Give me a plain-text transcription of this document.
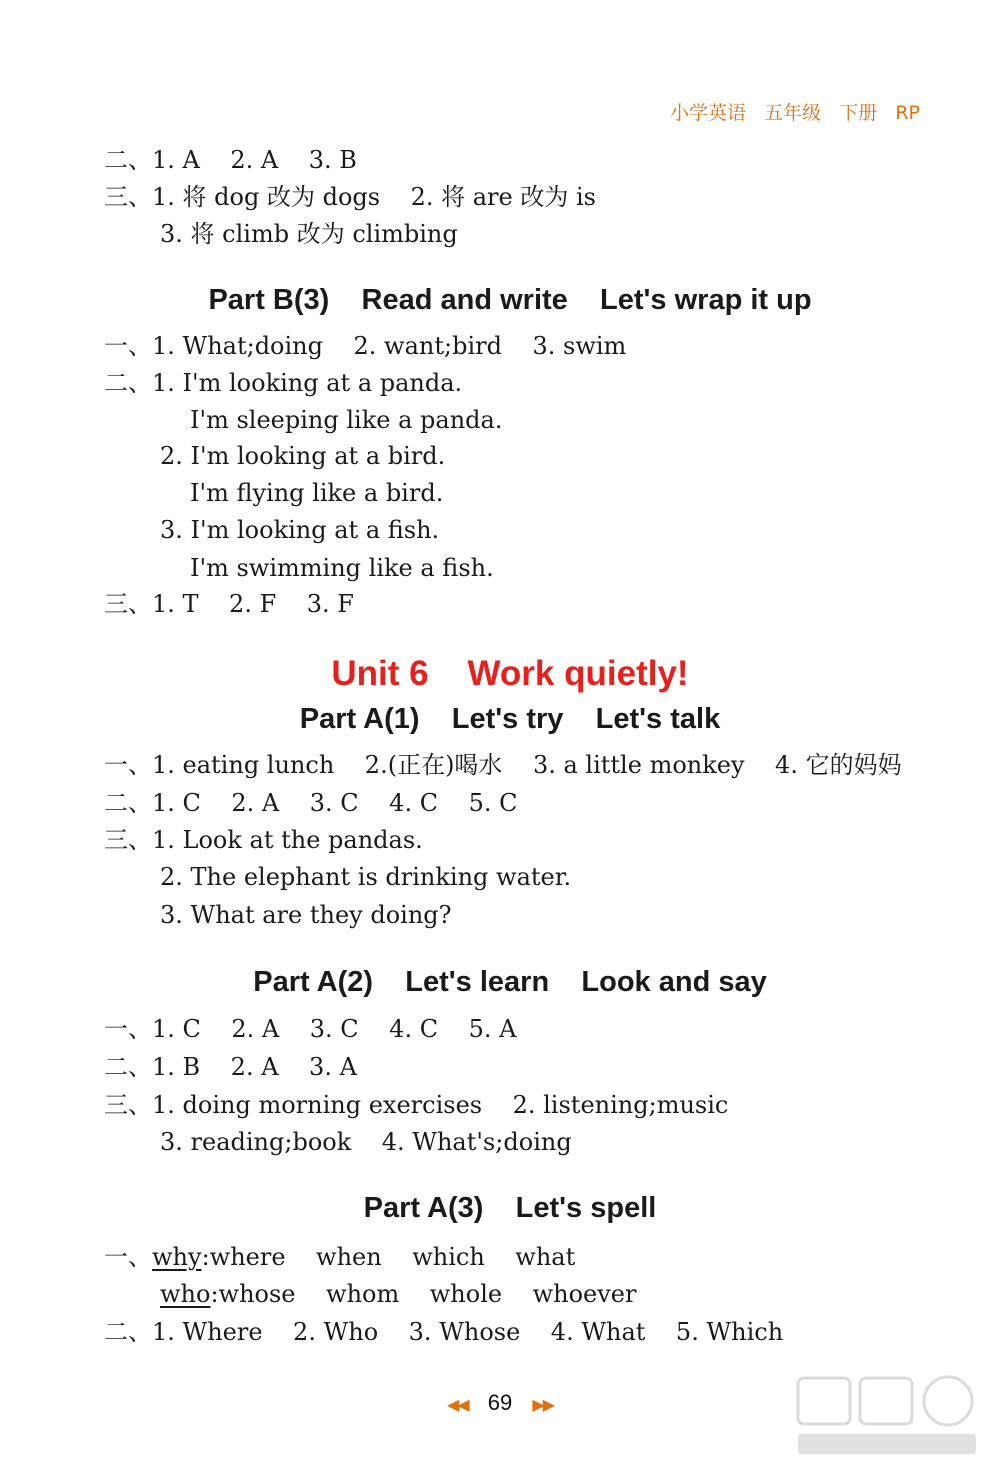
小学英语   五年级   下册   RP
二、1. A    2. A    3. B
三、1. 将 dog 改为 dogs    2. 将 are 改为 is
3. 将 climb 改为 climbing
Part B(3)    Read and write    Let's wrap it up
一、1. What;doing    2. want;bird    3. swim
二、1. I'm looking at a panda.
I'm sleeping like a panda.
2. I'm looking at a bird.
I'm flying like a bird.
3. I'm looking at a fish.
I'm swimming like a fish.
三、1. T    2. F    3. F
Unit 6    Work quietly!
Part A(1)    Let's try    Let's talk
一、1. eating lunch    2.(正在)喝水    3. a little monkey    4. 它的妈妈
二、1. C    2. A    3. C    4. C    5. C
三、1. Look at the pandas.
2. The elephant is drinking water.
3. What are they doing?
Part A(2)    Let's learn    Look and say
一、1. C    2. A    3. C    4. C    5. A
二、1. B    2. A    3. A
三、1. doing morning exercises    2. listening;music
3. reading;book    4. What's;doing
Part A(3)    Let's spell
一、why:where    when    which    what
who:whose    whom    whole    whoever
二、1. Where    2. Who    3. Whose    4. What    5. Which
◀◀ 69 ▶▶
